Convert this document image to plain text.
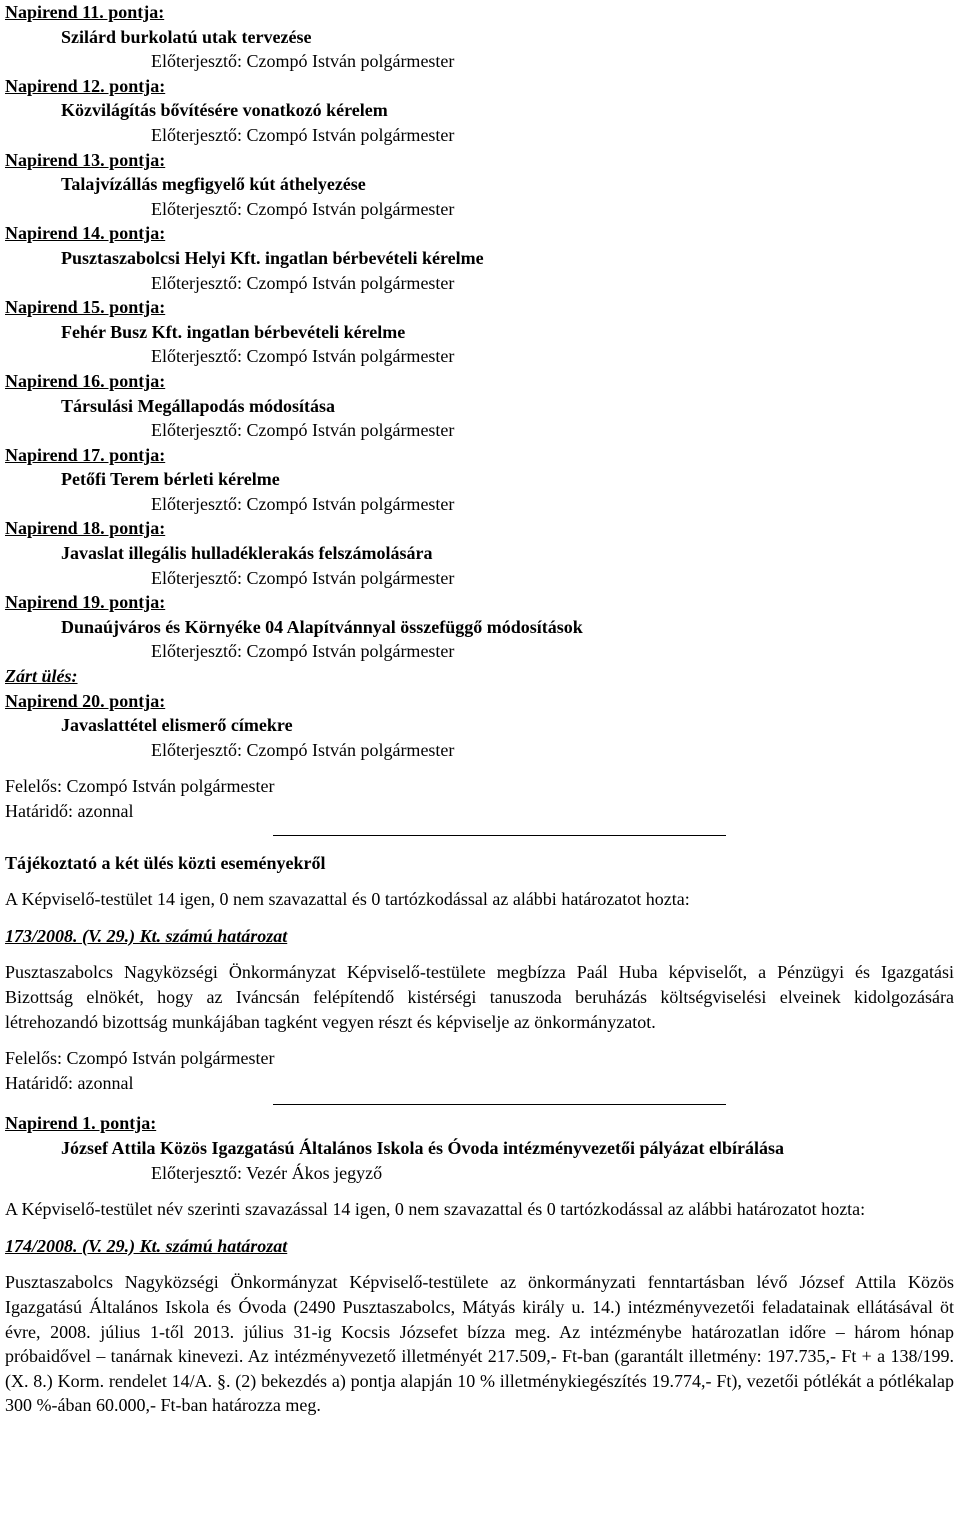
Napirend 11. pontja:
Szilárd burkolatú utak tervezése
Előterjesztő: Czompó István polgármester
Napirend 12. pontja:
Közvilágítás bővítésére vonatkozó kérelem
Előterjesztő: Czompó István polgármester
Napirend 13. pontja:
Talajvízállás megfigyelő kút áthelyezése
Előterjesztő: Czompó István polgármester
Napirend 14. pontja:
Pusztaszabolcsi Helyi Kft. ingatlan bérbevételi kérelme
Előterjesztő: Czompó István polgármester
Napirend 15. pontja:
Fehér Busz Kft. ingatlan bérbevételi kérelme
Előterjesztő: Czompó István polgármester
Napirend 16. pontja:
Társulási Megállapodás módosítása
Előterjesztő: Czompó István polgármester
Napirend 17. pontja:
Petőfi Terem bérleti kérelme
Előterjesztő: Czompó István polgármester
Napirend 18. pontja:
Javaslat illegális hulladéklerakás felszámolására
Előterjesztő: Czompó István polgármester
Napirend 19. pontja:
Dunaújváros és Környéke 04 Alapítvánnyal összefüggő módosítások
Előterjesztő: Czompó István polgármester
Zárt ülés:
Napirend 20. pontja:
Javaslattétel elismerő címekre
Előterjesztő: Czompó István polgármester
Felelős: Czompó István polgármester
Határidő: azonnal
Tájékoztató a két ülés közti eseményekről
A Képviselő-testület 14 igen, 0 nem szavazattal és 0 tartózkodással az alábbi határozatot hozta:
173/2008. (V. 29.) Kt. számú határozat
Pusztaszabolcs Nagyközségi Önkormányzat Képviselő-testülete megbízza Paál Huba képviselőt, a Pénzügyi és Igazgatási Bizottság elnökét, hogy az Iváncsán felépítendő kistérségi tanuszoda beruházás költségviselési elveinek kidolgozására létrehozandó bizottság munkájában tagként vegyen részt és képviselje az önkormányzatot.
Felelős: Czompó István polgármester
Határidő: azonnal
Napirend 1. pontja:
József Attila Közös Igazgatású Általános Iskola és Óvoda intézményvezetői pályázat elbírálása
Előterjesztő: Vezér Ákos jegyző
A Képviselő-testület név szerinti szavazással 14 igen, 0 nem szavazattal és 0 tartózkodással az alábbi határozatot hozta:
174/2008. (V. 29.) Kt. számú határozat
Pusztaszabolcs Nagyközségi Önkormányzat Képviselő-testülete az önkormányzati fenntartásban lévő József Attila Közös Igazgatású Általános Iskola és Óvoda (2490 Pusztaszabolcs, Mátyás király u. 14.) intézményvezetői feladatainak ellátásával öt évre, 2008. július 1-től 2013. július 31-ig Kocsis Józsefet bízza meg. Az intézménybe határozatlan időre – három hónap próbaidővel – tanárnak kinevezi. Az intézményvezető illetményét 217.509,- Ft-ban (garantált illetmény: 197.735,- Ft + a 138/199. (X. 8.) Korm. rendelet 14/A. §. (2) bekezdés a) pontja alapján 10 % illetménykiegészítés 19.774,- Ft), vezetői pótlékát a pótlékalap 300 %-ában 60.000,- Ft-ban határozza meg.
